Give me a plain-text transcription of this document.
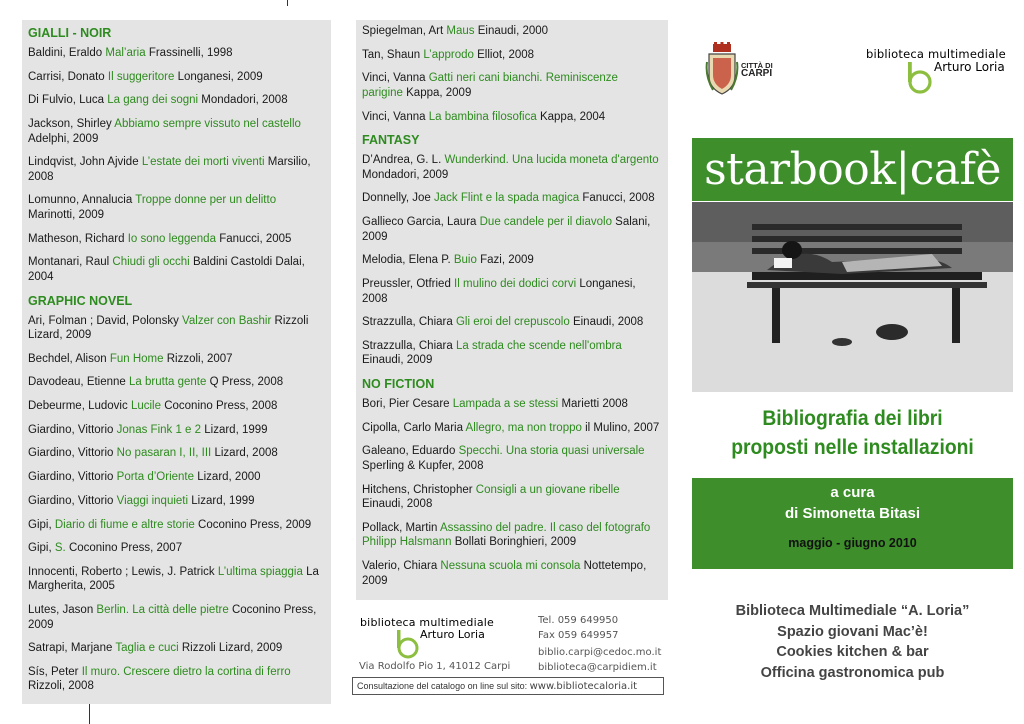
GIALLI - NOIR
Baldini, Eraldo Mal’aria Frassinelli, 1998
Carrisi, Donato Il suggeritore Longanesi, 2009
Di Fulvio, Luca La gang dei sogni Mondadori, 2008
Jackson, Shirley Abbiamo sempre vissuto nel castello Adelphi, 2009
Lindqvist, John Ajvide L’estate dei morti viventi Marsilio, 2008
Lomunno, Annalucia Troppe donne per un delitto Marinotti, 2009
Matheson, Richard Io sono leggenda Fanucci, 2005
Montanari, Raul Chiudi gli occhi Baldini Castoldi Dalai, 2004
GRAPHIC NOVEL
Ari, Folman ; David, Polonsky Valzer con Bashir Rizzoli Lizard, 2009
Bechdel, Alison Fun Home Rizzoli, 2007
Davodeau, Etienne La brutta gente Q Press, 2008
Debeurme, Ludovic Lucile Coconino Press, 2008
Giardino, Vittorio Jonas Fink 1 e 2 Lizard, 1999
Giardino, Vittorio No pasaran I, II, III Lizard, 2008
Giardino, Vittorio Porta d’Oriente Lizard, 2000
Giardino, Vittorio Viaggi inquieti Lizard, 1999
Gipi, Diario di fiume e altre storie Coconino Press, 2009
Gipi, S. Coconino Press, 2007
Innocenti, Roberto ; Lewis, J. Patrick L’ultima spiaggia La Margherita, 2005
Lutes, Jason Berlin. La città delle pietre Coconino Press, 2009
Satrapi, Marjane Taglia e cuci Rizzoli Lizard, 2009
Sís, Peter Il muro. Crescere dietro la cortina di ferro Rizzoli, 2008
Spiegelman, Art Maus Einaudi, 2000
Tan, Shaun L’approdo Elliot, 2008
Vinci, Vanna Gatti neri cani bianchi. Reminiscenze parigine Kappa, 2009
Vinci, Vanna La bambina filosofica Kappa, 2004
FANTASY
D’Andrea, G. L. Wunderkind. Una lucida moneta d'argento Mondadori, 2009
Donnelly, Joe Jack Flint e la spada magica Fanucci, 2008
Gallieco Garcia, Laura Due candele per il diavolo Salani, 2009
Melodia, Elena P. Buio Fazi, 2009
Preussler, Otfried Il mulino dei dodici corvi Longanesi, 2008
Strazzulla, Chiara Gli eroi del crepuscolo Einaudi, 2008
Strazzulla, Chiara La strada che scende nell'ombra Einaudi, 2009
NO FICTION
Bori, Pier Cesare Lampada a se stessi Marietti 2008
Cipolla, Carlo Maria Allegro, ma non troppo il Mulino, 2007
Galeano, Eduardo Specchi. Una storia quasi universale Sperling & Kupfer, 2008
Hitchens, Christopher Consigli a un giovane ribelle Einaudi, 2008
Pollack, Martin Assassino del padre. Il caso del fotografo Philipp Halsmann Bollati Boringhieri, 2009
Valerio, Chiara Nessuna scuola mi consola Nottetempo, 2009
biblioteca multimediale
Arturo Loria
Via Rodolfo Pio 1, 41012 Carpi
Tel. 059 649950
Fax 059 649957
biblio.carpi@cedoc.mo.it
biblioteca@carpidiem.it
Consultazione del catalogo on line sul sito: www.bibliotecaloria.it
CITTÀ DI
CARPI
biblioteca multimediale
Arturo Loria
starbook|cafè
Bibliografia dei libri
proposti nelle installazioni
a cura
di Simonetta Bitasi
maggio - giugno 2010
Biblioteca Multimediale “A. Loria”
Spazio giovani Mac’è!
Cookies kitchen & bar
Officina gastronomica pub
